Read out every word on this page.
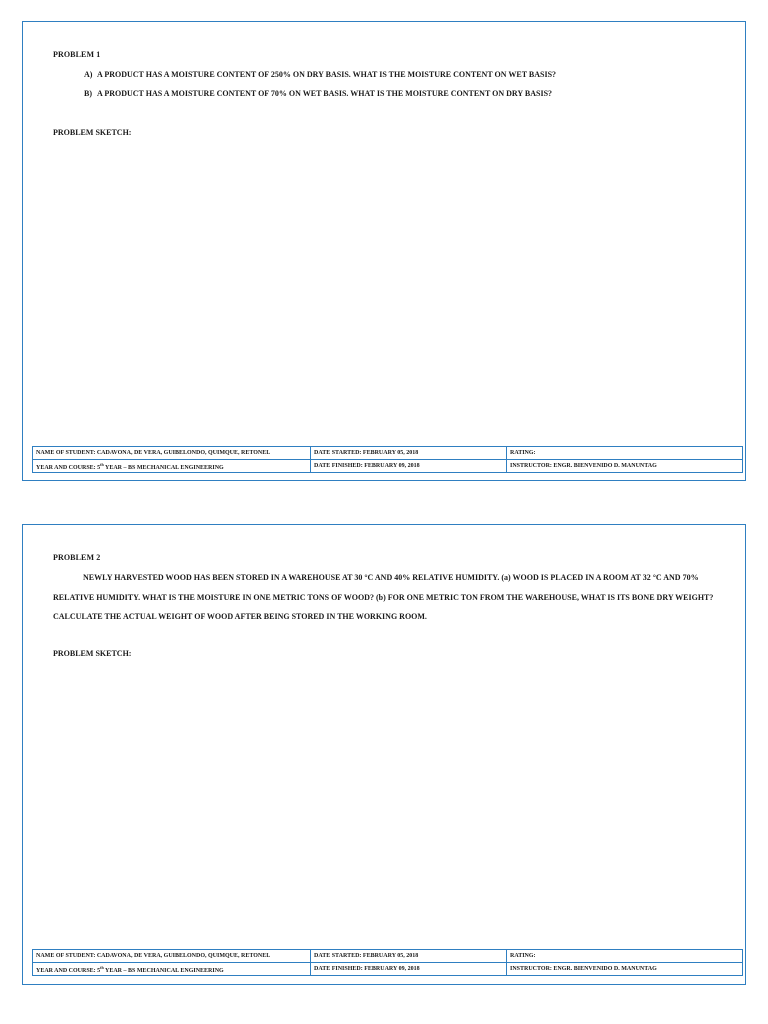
PROBLEM 1
A) A PRODUCT HAS A MOISTURE CONTENT OF 250% ON DRY BASIS. WHAT IS THE MOISTURE CONTENT ON WET BASIS?
B) A PRODUCT HAS A MOISTURE CONTENT OF 70% ON WET BASIS. WHAT IS THE MOISTURE CONTENT ON DRY BASIS?
PROBLEM SKETCH:
NAME OF STUDENT: CADAVONA, DE VERA, GUIBELONDO, QUIMQUE, RETONEL	DATE STARTED: FEBRUARY 05, 2018	RATING:
YEAR AND COURSE: 5th YEAR – BS MECHANICAL ENGINEERING	DATE FINISHED: FEBRUARY 09, 2018	INSTRUCTOR: ENGR. BIENVENIDO D. MANUNTAG
PROBLEM 2
NEWLY HARVESTED WOOD HAS BEEN STORED IN A WAREHOUSE AT 30 °C AND 40% RELATIVE HUMIDITY. (a) WOOD IS PLACED IN A ROOM AT 32 °C AND 70% RELATIVE HUMIDITY. WHAT IS THE MOISTURE IN ONE METRIC TONS OF WOOD? (b) FOR ONE METRIC TON FROM THE WAREHOUSE, WHAT IS ITS BONE DRY WEIGHT? CALCULATE THE ACTUAL WEIGHT OF WOOD AFTER BEING STORED IN THE WORKING ROOM.
PROBLEM SKETCH:
NAME OF STUDENT: CADAVONA, DE VERA, GUIBELONDO, QUIMQUE, RETONEL	DATE STARTED: FEBRUARY 05, 2018	RATING:
YEAR AND COURSE: 5th YEAR – BS MECHANICAL ENGINEERING	DATE FINISHED: FEBRUARY 09, 2018	INSTRUCTOR: ENGR. BIENVENIDO D. MANUNTAG
